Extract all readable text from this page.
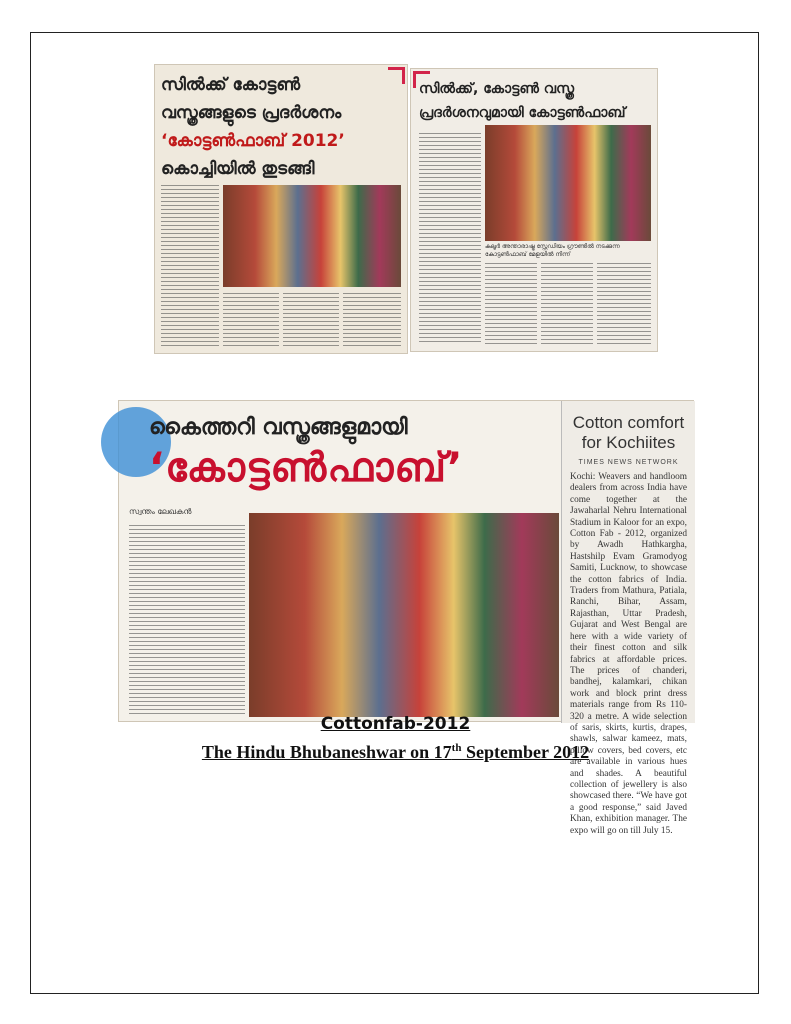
സിൽക്ക് കോട്ടൺ
വസ്ത്രങ്ങളുടെ പ്രദർശനം
‘കോട്ടൺഫാബ് 2012’
കൊച്ചിയിൽ തുടങ്ങി
സിൽക്ക്, കോട്ടൺ വസ്ത്ര
പ്രദർശനവുമായി കോട്ടൺഫാബ്
കലൂർ അന്താരാഷ്ട്ര സ്റ്റേഡിയം ഗ്രൗണ്ടിൽ നടക്കുന്ന കോട്ടൺഫാബ് മേളയിൽ നിന്ന്
കൈത്തറി വസ്ത്രങ്ങളുമായി
‘കോട്ടൺഫാബ്’
സ്വന്തം ലേഖകൻ
Cotton comfort for Kochiites
TIMES NEWS NETWORK
Kochi: Weavers and handloom dealers from across India have come together at the Jawaharlal Nehru International Stadium in Kaloor for an expo, Cotton Fab - 2012, organized by Awadh Hathkargha, Hastshilp Evam Gramodyog Samiti, Lucknow, to showcase the cotton fabrics of India. Traders from Mathura, Patiala, Ranchi, Bihar, Assam, Rajasthan, Uttar Pradesh, Gujarat and West Bengal are here with a wide variety of their finest cotton and silk fabrics at affordable prices. The prices of chanderi, bandhej, kalamkari, chikan work and block print dress materials range from Rs 110-320 a metre. A wide selection of saris, skirts, kurtis, drapes, shawls, salwar kameez, mats, pillow covers, bed covers, etc are available in various hues and shades. A beautiful collection of jewellery is also showcased there. “We have got a good response,” said Javed Khan, exhibition manager. The expo will go on till July 15.
Cottonfab-2012
The Hindu Bhubaneshwar on 17th September 2012
